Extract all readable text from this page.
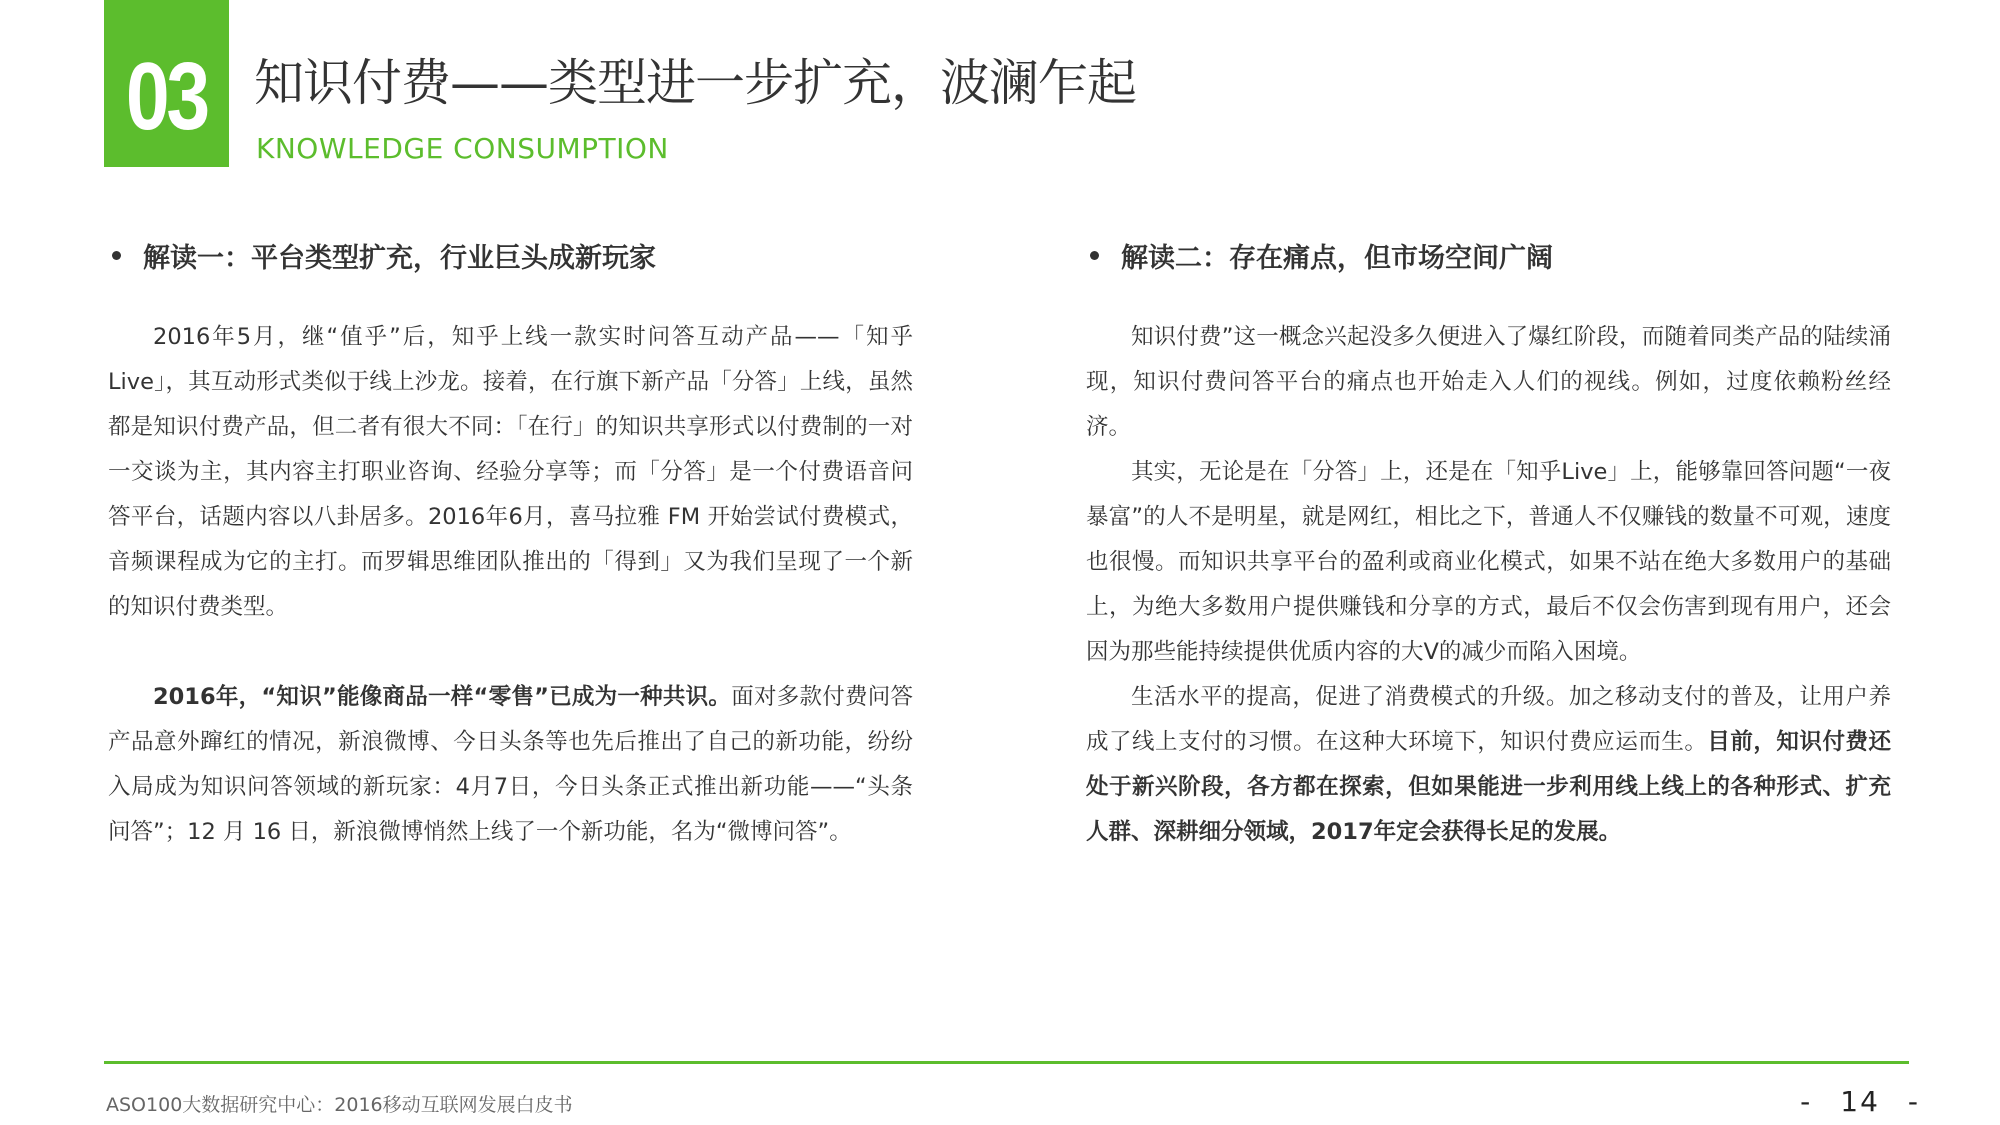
03 知识付费——类型进一步扩充，波澜乍起
KNOWLEDGE CONSUMPTION
解读一：平台类型扩充，行业巨头成新玩家

2016年5月，继“值乎”后，知乎上线一款实时问答互动产品——「知乎Live」，其互动形式类似于线上沙龙。接着，在行旗下新产品「分答」上线，虽然都是知识付费产品，但二者有很大不同：「在行」的知识共享形式以付费制的一对一交谈为主，其内容主打职业咨询、经验分享等；而「分答」是一个付费语音问答平台，话题内容以八卦居多。2016年6月，喜马拉雅 FM 开始尝试付费模式，音频课程成为它的主打。而罗辑思维团队推出的「得到」又为我们呈现了一个新的知识付费类型。

2016年，“知识”能像商品一样“零售”已成为一种共识。面对多款付费问答产品意外蹿红的情况，新浪微博、今日头条等也先后推出了自己的新功能，纷纷入局成为知识问答领域的新玩家：4月7日，今日头条正式推出新功能——“头条问答”；12 月 16 日，新浪微博悄然上线了一个新功能，名为“微博问答”。

解读二：存在痛点，但市场空间广阔

知识付费”这一概念兴起没多久便进入了爆红阶段，而随着同类产品的陆续涌现，知识付费问答平台的痛点也开始走入人们的视线。例如，过度依赖粉丝经济。

其实，无论是在「分答」上，还是在「知乎Live」上，能够靠回答问题“一夜暴富”的人不是明星，就是网红，相比之下，普通人不仅赚钱的数量不可观，速度也很慢。而知识共享平台的盈利或商业化模式，如果不站在绝大多数用户的基础上，为绝大多数用户提供赚钱和分享的方式，最后不仅会伤害到现有用户，还会因为那些能持续提供优质内容的大V的减少而陷入困境。

生活水平的提高，促进了消费模式的升级。加之移动支付的普及，让用户养成了线上支付的习惯。在这种大环境下，知识付费应运而生。目前，知识付费还处于新兴阶段，各方都在探索，但如果能进一步利用线上线上的各种形式、扩充人群、深耕细分领域，2017年定会获得长足的发展。

ASO100大数据研究中心：2016移动互联网发展白皮书	- 14 -
